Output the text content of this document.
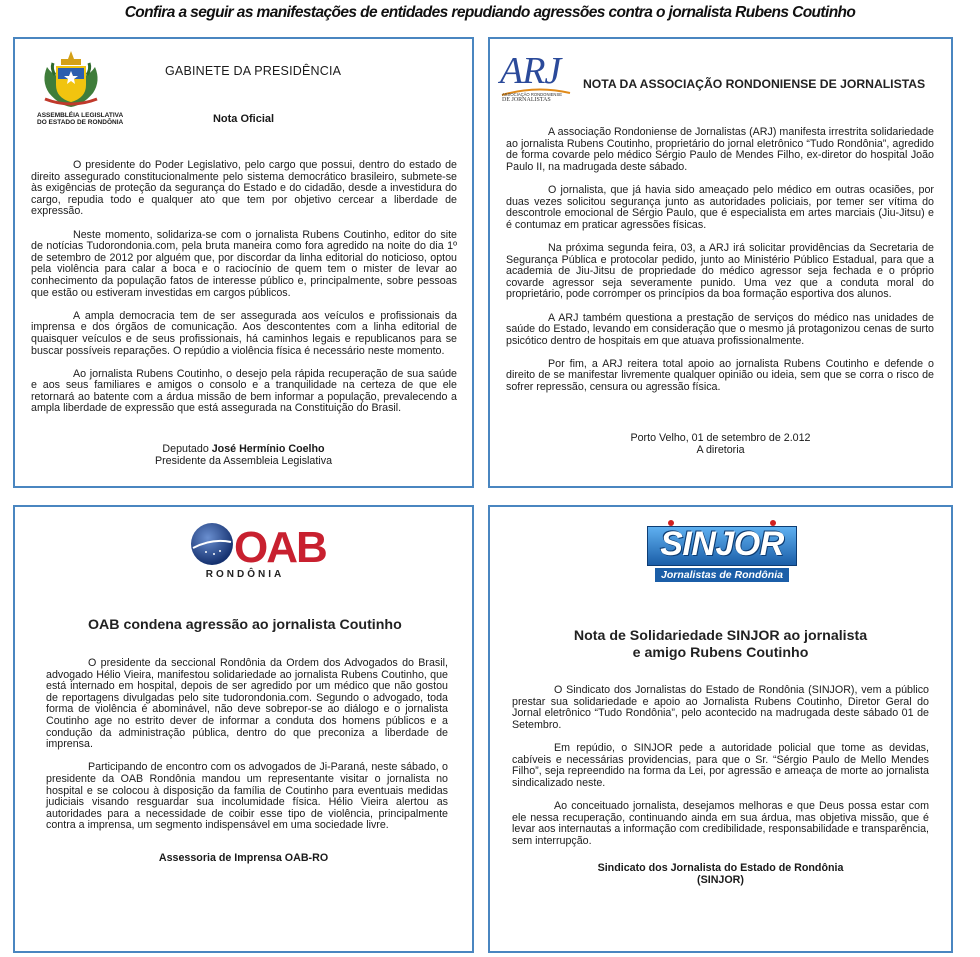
Confira a seguir as manifestações de entidades repudiando agressões contra o jornalista Rubens Coutinho
ASSEMBLÉIA LEGISLATIVA
DO ESTADO DE RONDÔNIA
GABINETE DA PRESIDÊNCIA
Nota Oficial

O presidente do Poder Legislativo, pelo cargo que possui, dentro do estado de direito assegurado constitucionalmente pelo sistema democrático brasileiro, submete-se às exigências de proteção da segurança do Estado e do cidadão, desde a investidura do cargo, repudia todo e qualquer ato que tem por objetivo cercear a liberdade de expressão.

Neste momento, solidariza-se com o jornalista Rubens Coutinho, editor do site de notícias Tudorondonia.com, pela bruta maneira como fora agredido na noite do dia 1º de setembro de 2012 por alguém que, por discordar da linha editorial do noticioso, optou pela violência para calar a boca e o raciocínio de quem tem o mister de levar ao conhecimento da população fatos de interesse público e, principalmente, sobre pessoas que estão ou estiveram investidas em cargos públicos.

A ampla democracia tem de ser assegurada aos veículos e profissionais da imprensa e dos órgãos de comunicação. Aos descontentes com a linha editorial de quaisquer veículos e de seus profissionais, há caminhos legais e republicanos para se buscar possíveis reparações. O repúdio a violência física é necessário neste momento.

Ao jornalista Rubens Coutinho, o desejo pela rápida recuperação de sua saúde e aos seus familiares e amigos o consolo e a tranquilidade na certeza de que ele retornará ao batente com a árdua missão de bem informar a população, prevalecendo a ampla liberdade de expressão que está assegurada na Constituição do Brasil.

Deputado José Hermínio Coelho
Presidente da Assembleia Legislativa
ARJ
ASSOCIAÇÃO RONDONIENSE
DE JORNALISTAS
NOTA DA ASSOCIAÇÃO RONDONIENSE DE JORNALISTAS

A associação Rondoniense de Jornalistas (ARJ) manifesta irrestrita solidariedade ao jornalista Rubens Coutinho, proprietário do jornal eletrônico “Tudo Rondônia”, agredido de forma covarde pelo médico Sérgio Paulo de Mendes Filho, ex-diretor do hospital João Paulo II, na madrugada deste sábado.

O jornalista, que já havia sido ameaçado pelo médico em outras ocasiões, por duas vezes solicitou segurança junto as autoridades policiais, por temer ser vítima do descontrole emocional de Sérgio Paulo, que é especialista em artes marciais (Jiu-Jitsu) e é contumaz em praticar agressões físicas.

Na próxima segunda feira, 03, a ARJ irá solicitar providências da Secretaria de Segurança Pública e protocolar pedido, junto ao Ministério Público Estadual, para que a academia de Jiu-Jitsu de propriedade do médico agressor seja fechada e o próprio covarde agressor seja severamente punido. Uma vez que a conduta moral do proprietário, pode corromper os princípios da boa formação esportiva dos alunos.

A ARJ também questiona a prestação de serviços do médico nas unidades de saúde do Estado, levando em consideração que o mesmo já protagonizou cenas de surto psicótico dentro de hospitais em que atuava profissionalmente.

Por fim, a ARJ reitera total apoio ao jornalista Rubens Coutinho e defende o direito de se manifestar livremente qualquer opinião ou ideia, sem que se corra o risco de sofrer repressão, censura ou agressão física.

Porto Velho, 01 de setembro de 2.012
A diretoria
OAB
RONDÔNIA
OAB condena agressão ao jornalista Coutinho

O presidente da seccional Rondônia da Ordem dos Advogados do Brasil, advogado Hélio Vieira, manifestou solidariedade ao jornalista Rubens Coutinho, que está internado em hospital, depois de ser agredido por um médico que não gostou de reportagens divulgadas pelo site tudorondonia.com. Segundo o advogado, toda forma de violência é abominável, não deve sobrepor-se ao diálogo e o jornalista Coutinho age no estrito dever de informar a conduta dos homens públicos e a condução da administração pública, dentro do que preconiza a liberdade de imprensa.

Participando de encontro com os advogados de Ji-Paraná, neste sábado, o presidente da OAB Rondônia mandou um representante visitar o jornalista no hospital e se colocou à disposição da família de Coutinho para eventuais medidas judiciais visando resguardar sua incolumidade física. Hélio Vieira alertou as autoridades para a necessidade de coibir esse tipo de violência, principalmente contra a imprensa, um segmento indispensável em uma sociedade livre.

Assessoria de Imprensa OAB-RO
SINJOR
Jornalistas de Rondônia
Nota de Solidariedade SINJOR ao jornalista
e amigo Rubens Coutinho

O Sindicato dos Jornalistas do Estado de Rondônia (SINJOR), vem a público prestar sua solidariedade e apoio ao Jornalista Rubens Coutinho, Diretor Geral do Jornal eletrônico “Tudo Rondônia”, pelo acontecido na madrugada deste sábado 01 de Setembro.

Em repúdio, o SINJOR pede a autoridade policial que tome as devidas, cabíveis e necessárias providencias, para que o Sr. “Sérgio Paulo de Mello Mendes Filho”, seja repreendido na forma da Lei, por agressão e ameaça de morte ao jornalista sindicalizado neste.

Ao conceituado jornalista, desejamos melhoras e que Deus possa estar com ele nessa recuperação, continuando ainda em sua árdua, mas objetiva missão, que é levar aos internautas a informação com credibilidade, responsabilidade e transparência, sem interrupção.

Sindicato dos Jornalista do Estado de Rondônia
(SINJOR)
